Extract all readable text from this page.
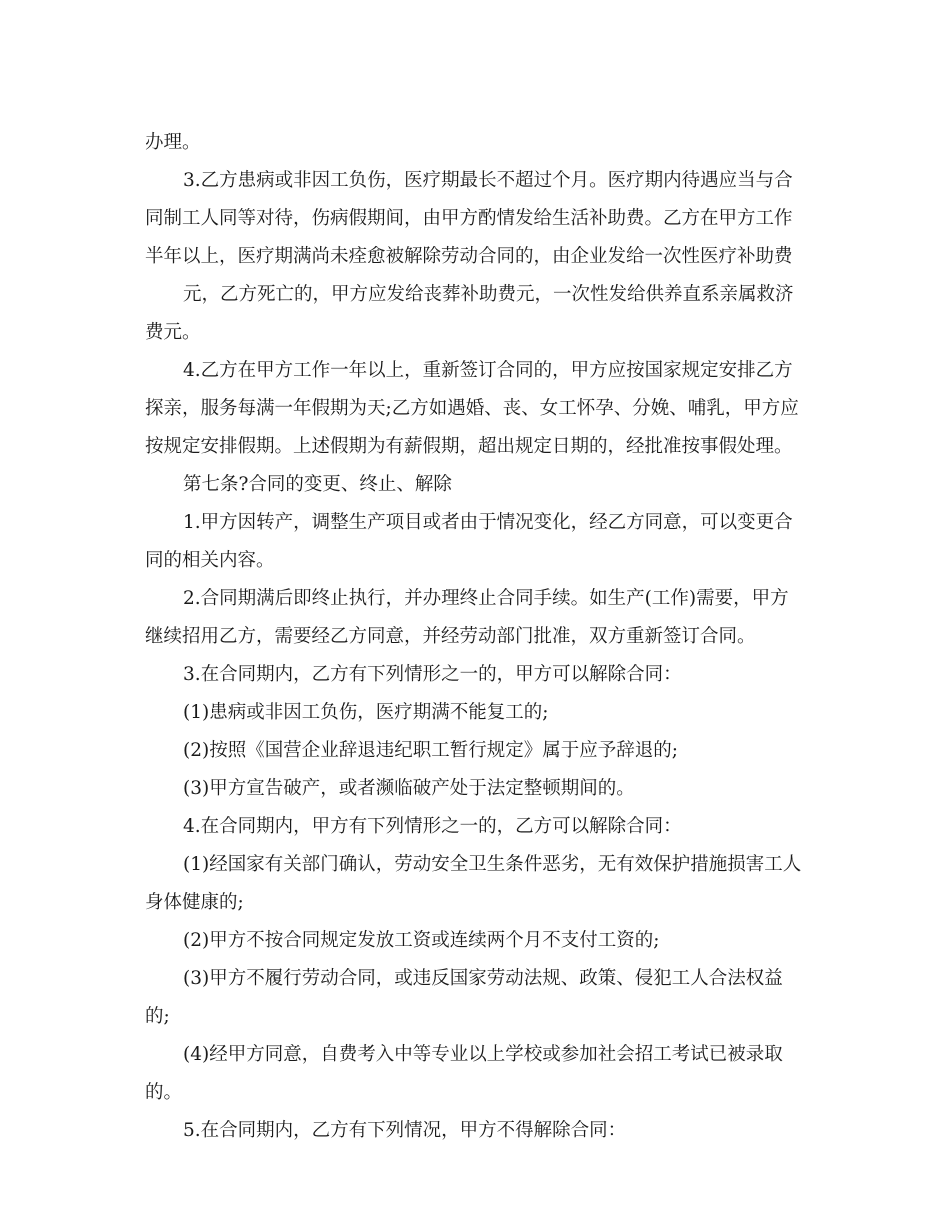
办理。
3.乙方患病或非因工负伤，医疗期最长不超过个月。医疗期内待遇应当与合
同制工人同等对待，伤病假期间，由甲方酌情发给生活补助费。乙方在甲方工作
半年以上，医疗期满尚未痊愈被解除劳动合同的，由企业发给一次性医疗补助费
元，乙方死亡的，甲方应发给丧葬补助费元，一次性发给供养直系亲属救济
费元。
4.乙方在甲方工作一年以上，重新签订合同的，甲方应按国家规定安排乙方
探亲，服务每满一年假期为天;乙方如遇婚、丧、女工怀孕、分娩、哺乳，甲方应
按规定安排假期。上述假期为有薪假期，超出规定日期的，经批准按事假处理。
第七条?合同的变更、终止、解除
1.甲方因转产，调整生产项目或者由于情况变化，经乙方同意，可以变更合
同的相关内容。
2.合同期满后即终止执行，并办理终止合同手续。如生产(工作)需要，甲方
继续招用乙方，需要经乙方同意，并经劳动部门批准，双方重新签订合同。
3.在合同期内，乙方有下列情形之一的，甲方可以解除合同：
(1)患病或非因工负伤，医疗期满不能复工的;
(2)按照《国营企业辞退违纪职工暂行规定》属于应予辞退的;
(3)甲方宣告破产，或者濒临破产处于法定整顿期间的。
4.在合同期内，甲方有下列情形之一的，乙方可以解除合同：
(1)经国家有关部门确认，劳动安全卫生条件恶劣，无有效保护措施损害工人
身体健康的;
(2)甲方不按合同规定发放工资或连续两个月不支付工资的;
(3)甲方不履行劳动合同，或违反国家劳动法规、政策、侵犯工人合法权益
的;
(4)经甲方同意，自费考入中等专业以上学校或参加社会招工考试已被录取
的。
5.在合同期内，乙方有下列情况，甲方不得解除合同：
